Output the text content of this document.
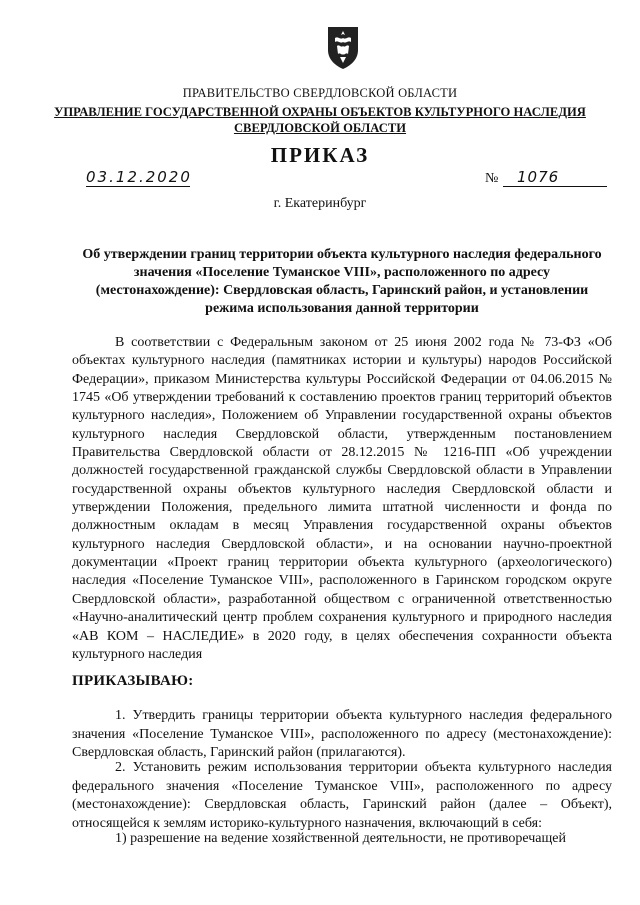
ПРАВИТЕЛЬСТВО СВЕРДЛОВСКОЙ ОБЛАСТИ
УПРАВЛЕНИЕ ГОСУДАРСТВЕННОЙ ОХРАНЫ ОБЪЕКТОВ КУЛЬТУРНОГО НАСЛЕДИЯ
СВЕРДЛОВСКОЙ ОБЛАСТИ
ПРИКАЗ
03.12.2020	№	1076
г. Екатеринбург
Об утверждении границ территории объекта культурного наследия федерального значения «Поселение Туманское VIII», расположенного по адресу (местонахождение): Свердловская область, Гаринский район, и установлении режима использования данной территории
В соответствии с Федеральным законом от 25 июня 2002 года № 73-ФЗ «Об объектах культурного наследия (памятниках истории и культуры) народов Российской Федерации», приказом Министерства культуры Российской Федерации от 04.06.2015 № 1745 «Об утверждении требований к составлению проектов границ территорий объектов культурного наследия», Положением об Управлении государственной охраны объектов культурного наследия Свердловской области, утвержденным постановлением Правительства Свердловской области от 28.12.2015 № 1216-ПП «Об учреждении должностей государственной гражданской службы Свердловской области в Управлении государственной охраны объектов культурного наследия Свердловской области и утверждении Положения, предельного лимита штатной численности и фонда по должностным окладам в месяц Управления государственной охраны объектов культурного наследия Свердловской области», и на основании научно-проектной документации «Проект границ территории объекта культурного (археологического) наследия «Поселение Туманское VIII», расположенного в Гаринском городском округе Свердловской области», разработанной обществом с ограниченной ответственностью «Научно-аналитический центр проблем сохранения культурного и природного наследия «АВ КОМ – НАСЛЕДИЕ» в 2020 году, в целях обеспечения сохранности объекта культурного наследия
ПРИКАЗЫВАЮ:
1. Утвердить границы территории объекта культурного наследия федерального значения «Поселение Туманское VIII», расположенного по адресу (местонахождение): Свердловская область, Гаринский район (прилагаются).
2. Установить режим использования территории объекта культурного наследия федерального значения «Поселение Туманское VIII», расположенного по адресу (местонахождение): Свердловская область, Гаринский район (далее – Объект), относящейся к землям историко-культурного назначения, включающий в себя:
1) разрешение на ведение хозяйственной деятельности, не противоречащей
